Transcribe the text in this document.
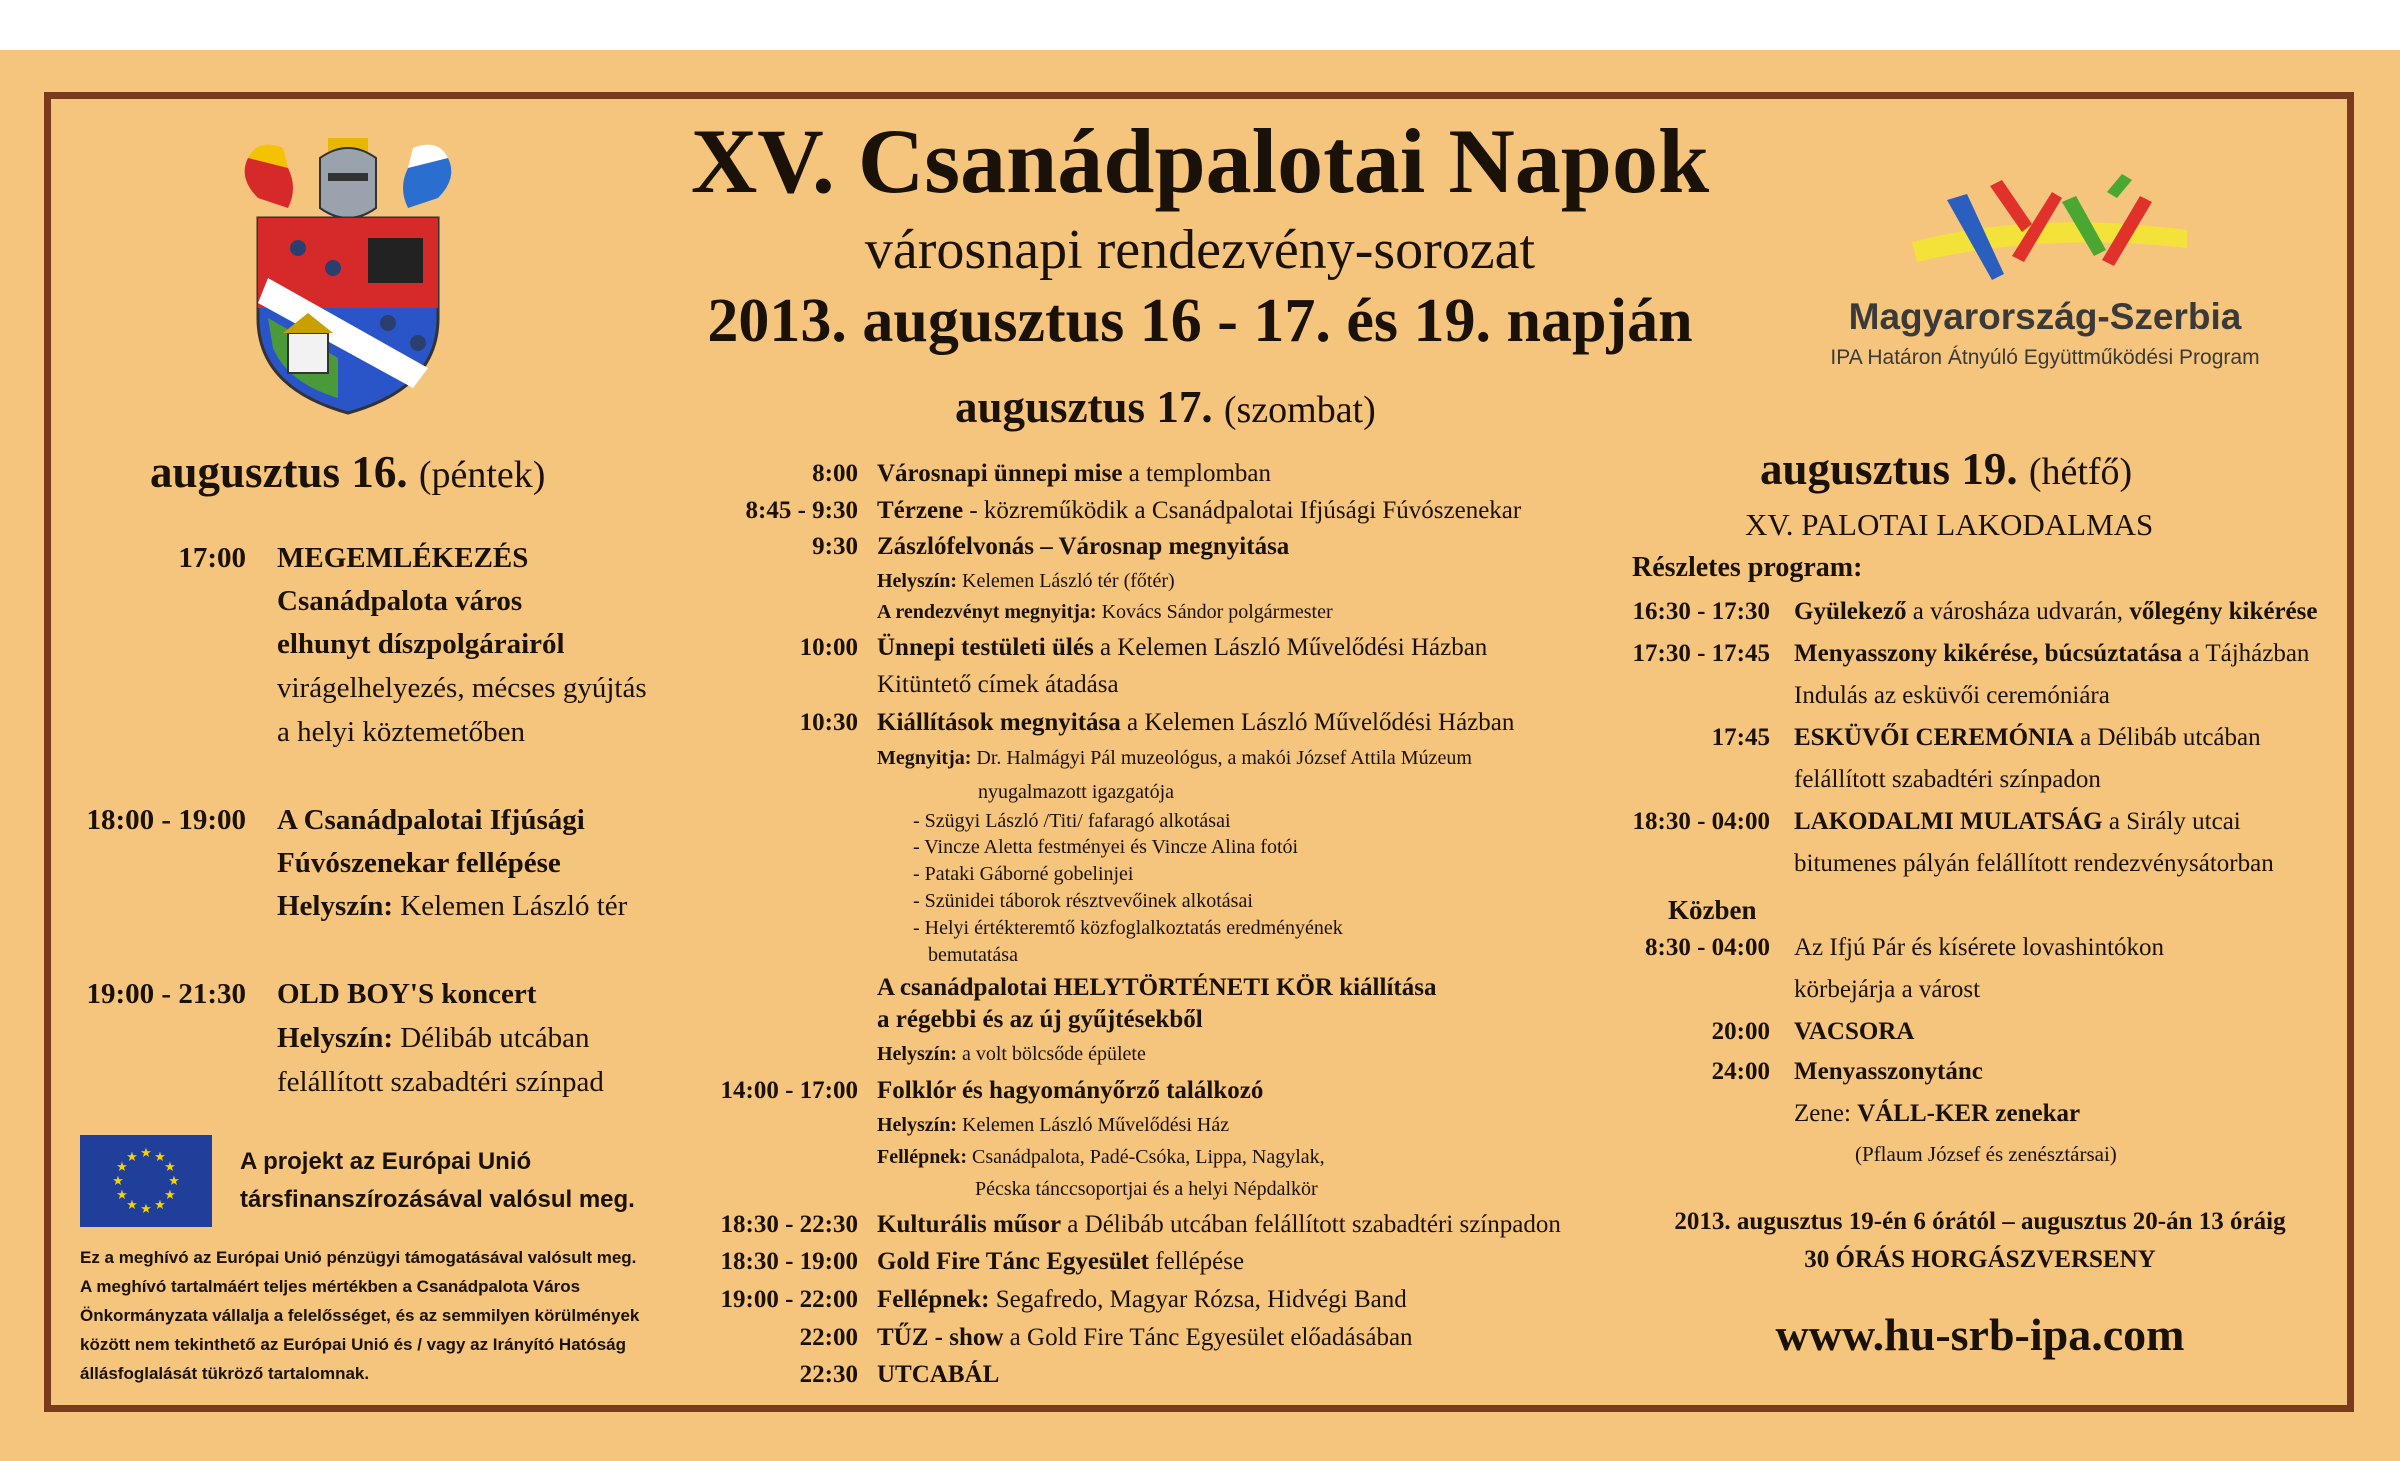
XV. Csanádpalotai Napok
városnapi rendezvény-sorozat
2013. augusztus 16 - 17. és 19. napján	Magyarország-Szerbia
IPA Határon Átnyúló Együttműködési Program
augusztus 16. (péntek)
17:00 MEGEMLÉKEZÉS
Csanádpalota város
elhunyt díszpolgárairól
virágelhelyezés, mécses gyújtás
a helyi köztemetőben
18:00 - 19:00 A Csanádpalotai Ifjúsági
Fúvószenekar fellépése
Helyszín: Kelemen László tér
19:00 - 21:30 OLD BOY'S koncert
Helyszín: Délibáb utcában
felállított szabadtéri színpad
★ ★
★
★
★
★
★
★
★
★
★
★	A projekt az Európai Unió
társfinanszírozásával valósul meg.
Ez a meghívó az Európai Unió pénzügyi támogatásával valósult meg.
A meghívó tartalmáért teljes mértékben a Csanádpalota Város
Önkormányzata vállalja a felelősséget, és az semmilyen körülmények
között nem tekinthető az Európai Unió és / vagy az Irányító Hatóság
állásfoglalását tükröző tartalomnak.
augusztus 17. (szombat)
8:00 Városnapi ünnepi mise a templomban
8:45 - 9:30 Térzene - közreműködik a Csanádpalotai Ifjúsági Fúvószenekar
9:30 Zászlófelvonás – Városnap megnyitása
Helyszín: Kelemen László tér (főtér)
A rendezvényt megnyitja: Kovács Sándor polgármester
10:00 Ünnepi testületi ülés a Kelemen László Művelődési Házban
Kitüntető címek átadása
10:30 Kiállítások megnyitása a Kelemen László Művelődési Házban
Megnyitja: Dr. Halmágyi Pál muzeológus, a makói József Attila Múzeum
nyugalmazott igazgatója
- Szügyi László /Titi/ fafaragó alkotásai
- Vincze Aletta festményei és Vincze Alina fotói
- Pataki Gáborné gobelinjei
- Szünidei táborok résztvevőinek alkotásai
- Helyi értékteremtő közfoglalkoztatás eredményének
bemutatása
A csanádpalotai HELYTÖRTÉNETI KÖR kiállítása
a régebbi és az új gyűjtésekből
Helyszín: a volt bölcsőde épülete
14:00 - 17:00 Folklór és hagyományőrző találkozó
Helyszín: Kelemen László Művelődési Ház
Fellépnek: Csanádpalota, Padé-Csóka, Lippa, Nagylak,
Pécska tánccsoportjai és a helyi Népdalkör
18:30 - 22:30 Kulturális műsor a Délibáb utcában felállított szabadtéri színpadon
18:30 - 19:00 Gold Fire Tánc Egyesület fellépése
19:00 - 22:00 Fellépnek: Segafredo, Magyar Rózsa, Hidvégi Band
22:00 TŰZ - show a Gold Fire Tánc Egyesület előadásában
22:30 UTCABÁL
augusztus 19. (hétfő)
XV. PALOTAI LAKODALMAS
Részletes program:
16:30 - 17:30 Gyülekező a városháza udvarán, vőlegény kikérése
17:30 - 17:45 Menyasszony kikérése, búcsúztatása a Tájházban
Indulás az esküvői ceremóniára
17:45 ESKÜVŐI CEREMÓNIA a Délibáb utcában
felállított szabadtéri színpadon
18:30 - 04:00 LAKODALMI MULATSÁG a Sirály utcai
bitumenes pályán felállított rendezvénysátorban
Közben
8:30 - 04:00 Az Ifjú Pár és kísérete lovashintókon
körbejárja a várost
20:00 VACSORA
24:00 Menyasszonytánc
Zene: VÁLL-KER zenekar
(Pflaum József és zenésztársai)
2013. augusztus 19-én 6 órától – augusztus 20-án 13 óráig
30 ÓRÁS HORGÁSZVERSENY
www.hu-srb-ipa.com
